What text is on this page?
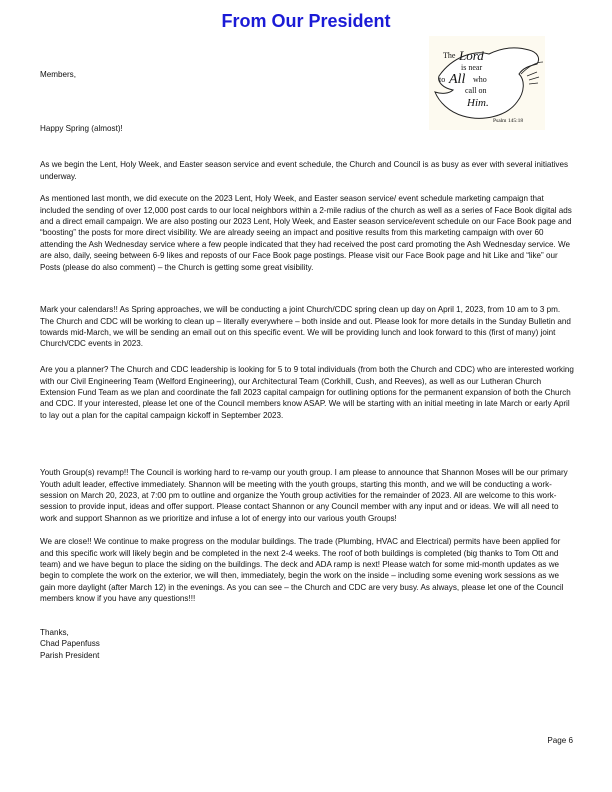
From Our President
The Lord
is near
to All who
call on
Him.
Psalm 145:18
Members,
Happy Spring (almost)!

As we begin the Lent, Holy Week, and Easter season service and event schedule, the Church and Council is as busy as ever with several initiatives underway.

As mentioned last month, we did execute on the 2023 Lent, Holy Week, and Easter season service/ event schedule marketing campaign that included the sending of over 12,000 post cards to our local neighbors within a 2-mile radius of the church as well as a series of Face Book digital ads and a direct email campaign. We are also posting our 2023 Lent, Holy Week, and Easter season service/event schedule on our Face Book page and “boosting” the posts for more direct visibility. We are already seeing an impact and positive results from this marketing campaign with over 60 attending the Ash Wednesday service where a few people indicated that they had received the post card promoting the Ash Wednesday service. We are also, daily, seeing between 6-9 likes and reposts of our Face Book page postings. Please visit our Face Book page and hit Like and “like” our Posts (please do also comment) – the Church is getting some great visibility.

Mark your calendars!! As Spring approaches, we will be conducting a joint Church/CDC spring clean up day on April 1, 2023, from 10 am to 3 pm. The Church and CDC will be working to clean up – literally everywhere – both inside and out. Please look for more details in the Sunday Bulletin and towards mid-March, we will be sending an email out on this specific event. We will be providing lunch and look forward to this (first of many) joint Church/CDC events in 2023.

Are you a planner? The Church and CDC leadership is looking for 5 to 9 total individuals (from both the Church and CDC) who are interested working with our Civil Engineering Team (Welford Engineering), our Architectural Team (Corkhill, Cush, and Reeves), as well as our Lutheran Church Extension Fund Team as we plan and coordinate the fall 2023 capital campaign for outlining options for the permanent expansion of both the Church and CDC. If your interested, please let one of the Council members know ASAP. We will be starting with an initial meeting in late March or early April to lay out a plan for the capital campaign kickoff in September 2023.

Youth Group(s) revamp!! The Council is working hard to re-vamp our youth group. I am please to announce that Shannon Moses will be our primary Youth adult leader, effective immediately. Shannon will be meeting with the youth groups, starting this month, and we will be conducting a work-session on March 20, 2023, at 7:00 pm to outline and organize the Youth group activities for the remainder of 2023. All are welcome to this work-session to provide input, ideas and offer support. Please contact Shannon or any Council member with any input and or ideas. We will all need to work and support Shannon as we prioritize and infuse a lot of energy into our various youth Groups!

We are close!! We continue to make progress on the modular buildings. The trade (Plumbing, HVAC and Electrical) permits have been applied for and this specific work will likely begin and be completed in the next 2-4 weeks. The roof of both buildings is completed (big thanks to Tom Ott and team) and we have begun to place the siding on the buildings. The deck and ADA ramp is next! Please watch for some mid-month updates as we begin to complete the work on the exterior, we will then, immediately, begin the work on the inside – including some evening work sessions as we gain more daylight (after March 12) in the evenings. As you can see – the Church and CDC are very busy. As always, please let one of the Council members know if you have any questions!!!

Thanks,
Chad Papenfuss
Parish President
Page 6
